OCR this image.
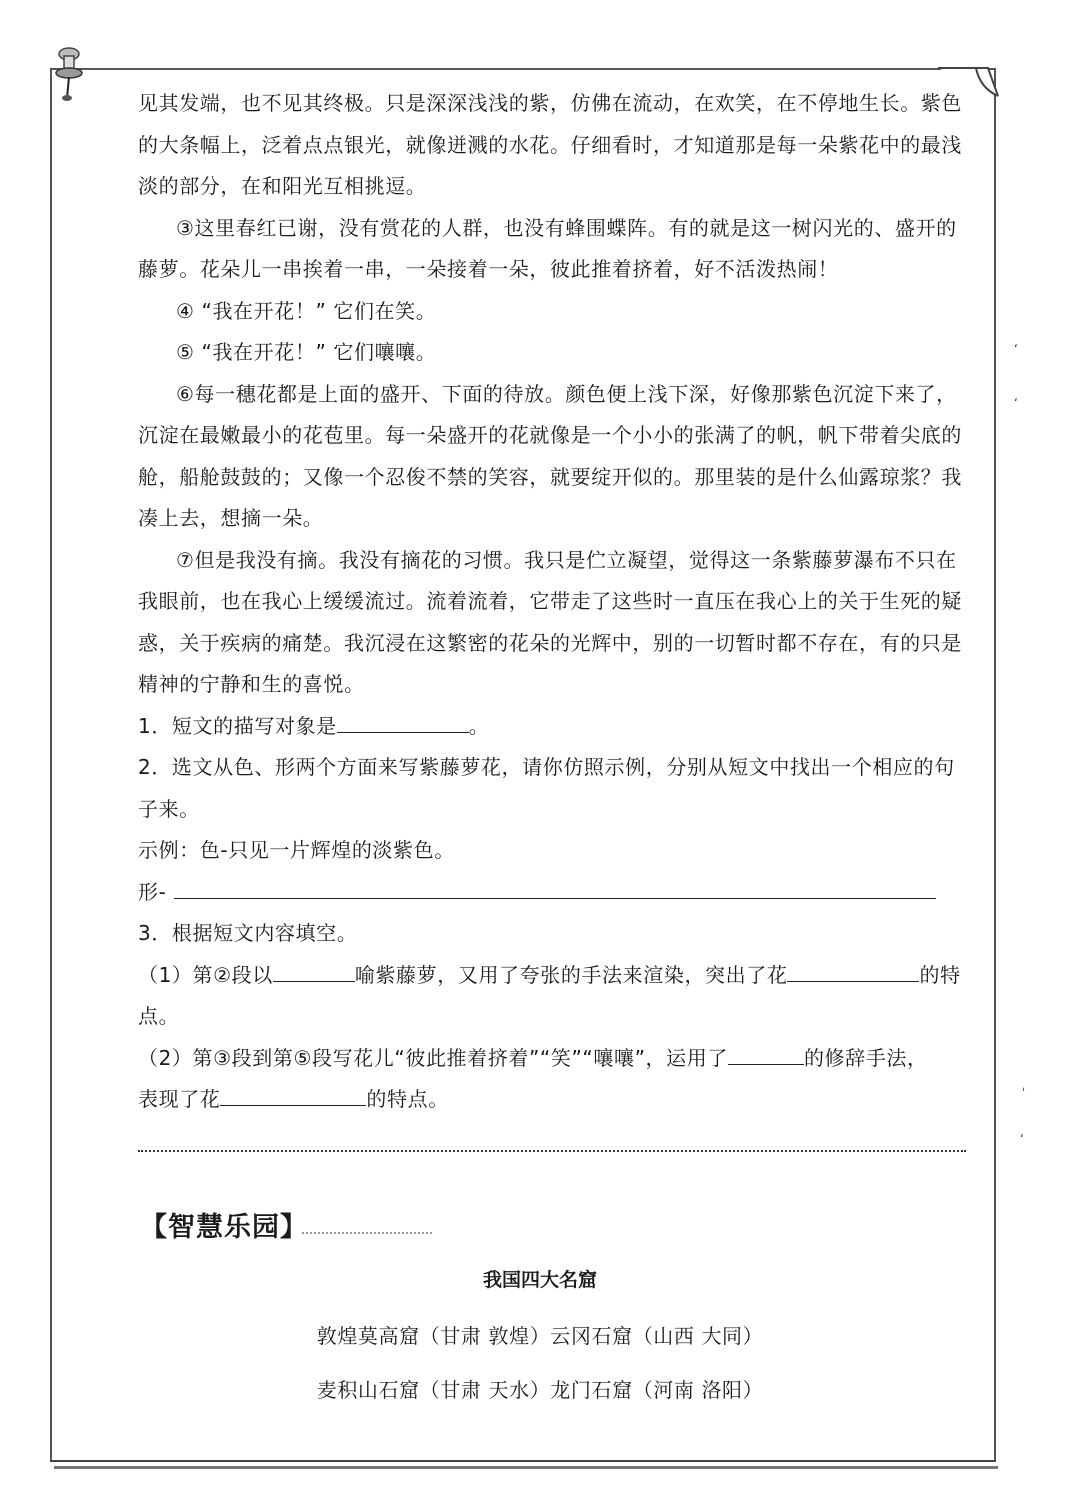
见其发端，也不见其终极。只是深深浅浅的紫，仿佛在流动，在欢笑，在不停地生长。紫色
的大条幅上，泛着点点银光，就像迸溅的水花。仔细看时，才知道那是每一朵紫花中的最浅
淡的部分，在和阳光互相挑逗。
③这里春红已谢，没有赏花的人群，也没有蜂围蝶阵。有的就是这一树闪光的、盛开的
藤萝。花朵儿一串挨着一串，一朵接着一朵，彼此推着挤着，好不活泼热闹！
④ “我在开花！” 它们在笑。
⑤ “我在开花！” 它们嚷嚷。
⑥每一穗花都是上面的盛开、下面的待放。颜色便上浅下深，好像那紫色沉淀下来了，
沉淀在最嫩最小的花苞里。每一朵盛开的花就像是一个小小的张满了的帆，帆下带着尖底的
舱，船舱鼓鼓的；又像一个忍俊不禁的笑容，就要绽开似的。那里装的是什么仙露琼浆？我
凑上去，想摘一朵。
⑦但是我没有摘。我没有摘花的习惯。我只是伫立凝望，觉得这一条紫藤萝瀑布不只在
我眼前，也在我心上缓缓流过。流着流着，它带走了这些时一直压在我心上的关于生死的疑
惑，关于疾病的痛楚。我沉浸在这繁密的花朵的光辉中，别的一切暂时都不存在，有的只是
精神的宁静和生的喜悦。
1．短文的描写对象是	。
2．选文从色、形两个方面来写紫藤萝花，请你仿照示例，分别从短文中找出一个相应的句
子来。
示例：色-只见一片辉煌的淡紫色。
形-
3．根据短文内容填空。
（1）第②段以	喻紫藤萝，又用了夸张的手法来渲染，突出了花	的特
点。
（2）第③段到第⑤段写花儿“彼此推着挤着”“笑”“嚷嚷”，运用了	的修辞手法，
表现了花	的特点。
【智慧乐园】
我国四大名窟
敦煌莫高窟（甘肃 敦煌）云冈石窟（山西 大同）
麦积山石窟（甘肃 天水）龙门石窟（河南 洛阳）
ʻ
ʻ
ˌ
ʻ
